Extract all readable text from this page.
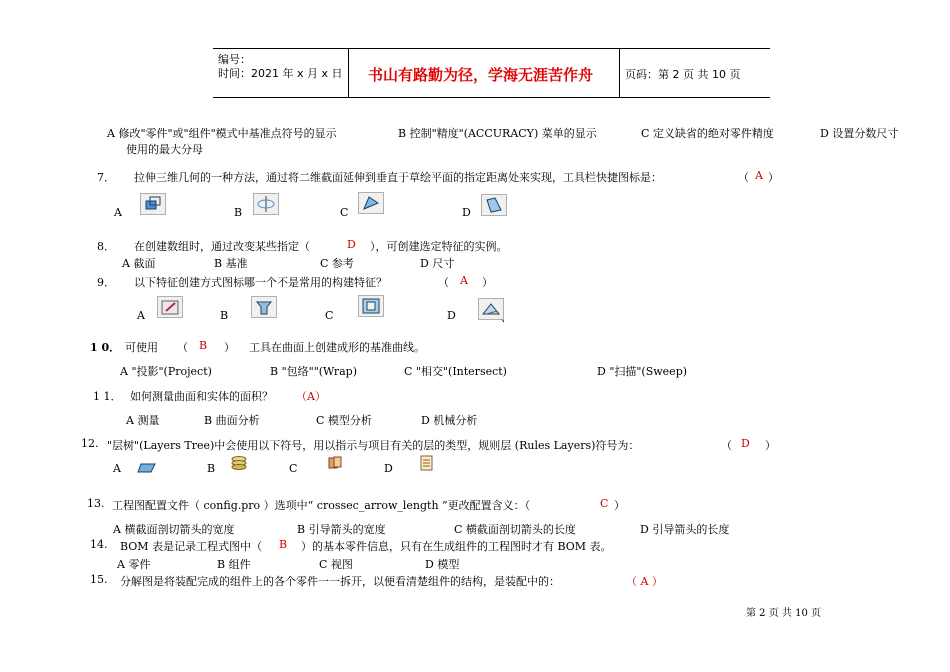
编号：
时间：2021 年 x 月 x 日 书山有路勤为径，学海无涯苦作舟	页码：第 2 页 共 10 页
A 修改"零件"或"组件"模式中基准点符号的显示	B 控制"精度"(ACCURACY) 菜单的显示	C 定义缺省的绝对零件精度	D 设置分数尺寸
使用的最大分母
7． 拉伸三维几何的一种方法，通过将二维截面延伸到垂直于草绘平面的指定距离处来实现，工具栏快捷图标是：	（ A ）
A	B	C	D
8． 在创建数组时，通过改变某些指定（	D ），可创建选定特征的实例。
A 截面	B 基准	C 参考	D 尺寸
9． 以下特征创建方式图标哪一个不是常用的构建特征？	（ A ）
A	B	C	D	、
1 0． 可使用 （ B ） 工具在曲面上创建成形的基准曲线。
A "投影"(Project)	B "包络""(Wrap)	C "相交"(Intersect)	D "扫描"(Sweep)
1 1． 如何测量曲面和实体的面积？ （A）
A 测量	B 曲面分析	C 模型分析	D 机械分析
12. "层树"(Layers Tree)中会使用以下符号，用以指示与项目有关的层的类型，规则层 (Rules Layers)符号为：	（ D ）
A	B	C	D
13. 工程图配置文件（ config.pro ）选项中“ crossec_arrow_length ”更改配置含义：（	C ）
A 横截面剖切箭头的宽度	B 引导箭头的宽度	C 横截面剖切箭头的长度	D 引导箭头的长度
14. BOM 表是记录工程式图中（ B ）的基本零件信息，只有在生成组件的工程图时才有 BOM 表。
A 零件	B 组件	C 视图	D 模型
15. 分解图是将装配完成的组件上的各个零件一一拆开，以便看清楚组件的结构，是装配中的：	（ A ）
第 2 页 共 10 页
